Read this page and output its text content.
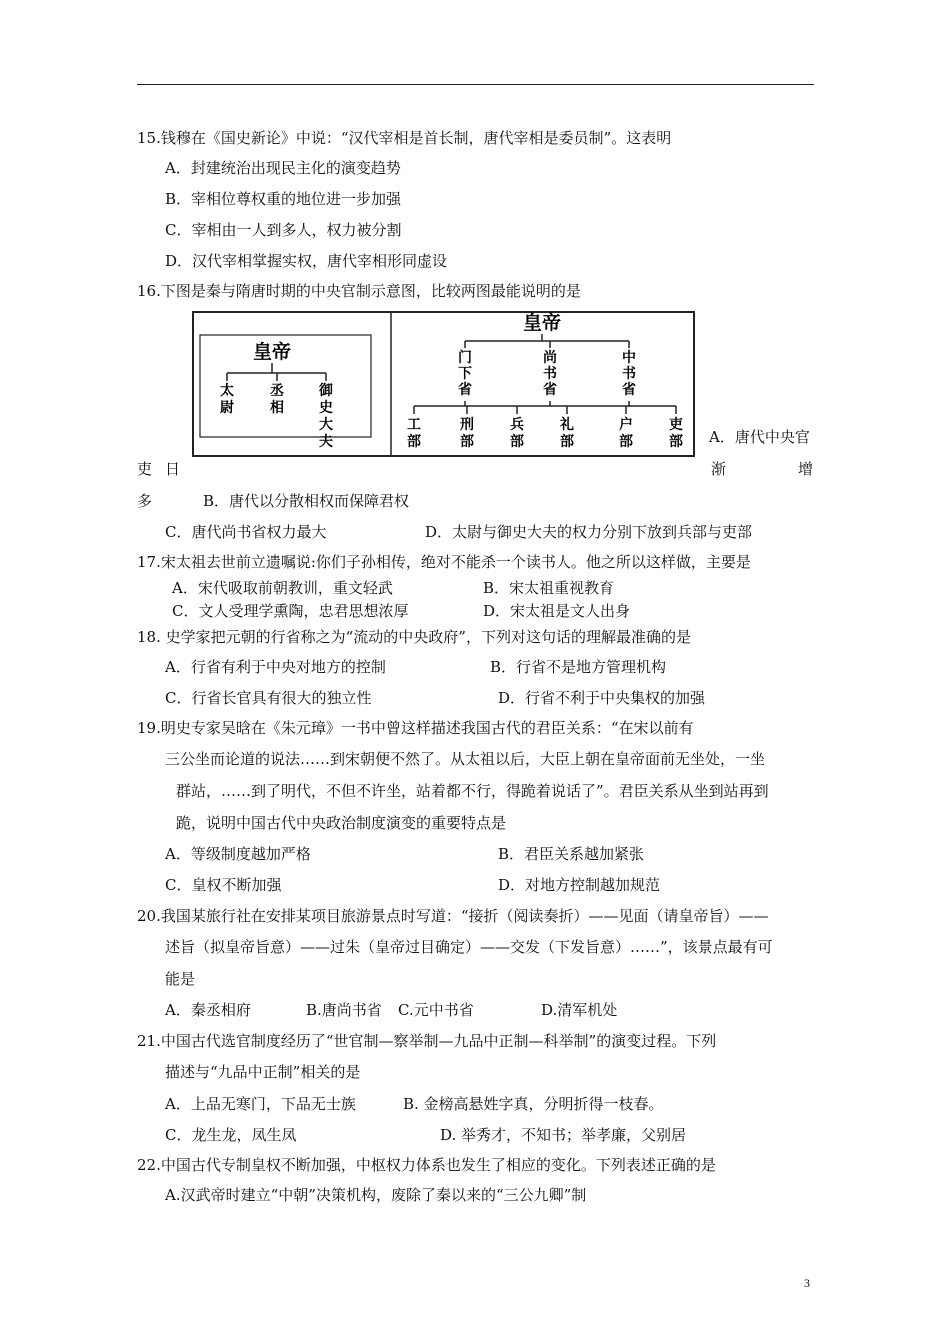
15.钱穆在《国史新论》中说：“汉代宰相是首长制，唐代宰相是委员制”。这表明
A．封建统治出现民主化的演变趋势
B．宰相位尊权重的地位进一步加强
C．宰相由一人到多人，权力被分割
D．汉代宰相掌握实权，唐代宰相形同虚设
16.下图是秦与隋唐时期的中央官制示意图，比较两图最能说明的是
皇帝
太
尉
丞
相
御
史
大
夫
皇帝
门
下
省
尚
书
省
中
书
省
工
部
刑
部
兵
部
礼
部
户
部
吏
部 A．唐代中央官
吏 日	渐	增
多	B．唐代以分散相权而保障君权
C．唐代尚书省权力最大	D．太尉与御史大夫的权力分别下放到兵部与吏部
17.宋太祖去世前立遗嘱说:你们子孙相传，绝对不能杀一个读书人。他之所以这样做，主要是
A．宋代吸取前朝教训，重文轻武	B．宋太祖重视教育
C．文人受理学熏陶，忠君思想浓厚	D．宋太祖是文人出身
18. 史学家把元朝的行省称之为“流动的中央政府”，下列对这句话的理解最准确的是
A．行省有利于中央对地方的控制	B．行省不是地方管理机构
C．行省长官具有很大的独立性	D．行省不利于中央集权的加强
19.明史专家吴晗在《朱元璋》一书中曾这样描述我国古代的君臣关系：“在宋以前有
三公坐而论道的说法……到宋朝便不然了。从太祖以后，大臣上朝在皇帝面前无坐处，一坐
群站，……到了明代，不但不许坐，站着都不行，得跪着说话了”。君臣关系从坐到站再到
跪，说明中国古代中央政治制度演变的重要特点是
A．等级制度越加严格	B．君臣关系越加紧张
C．皇权不断加强	D．对地方控制越加规范
20.我国某旅行社在安排某项目旅游景点时写道：“接折（阅读奏折）——见面（请皇帝旨）——
述旨（拟皇帝旨意）——过朱（皇帝过目确定）——交发（下发旨意）……”，该景点最有可
能是
A．秦丞相府	B.唐尚书省 C.元中书省	D.清军机处
21.中国古代选官制度经历了“世官制—察举制—九品中正制—科举制”的演变过程。下列
描述与“九品中正制”相关的是
A．上品无寒门，下品无士族	B. 金榜高悬姓字真，分明折得一枝春。
C．龙生龙，凤生凤	D. 举秀才，不知书；举孝廉，父别居
22.中国古代专制皇权不断加强，中枢权力体系也发生了相应的变化。下列表述正确的是
A.汉武帝时建立“中朝”决策机构，废除了秦以来的“三公九卿”制
3
